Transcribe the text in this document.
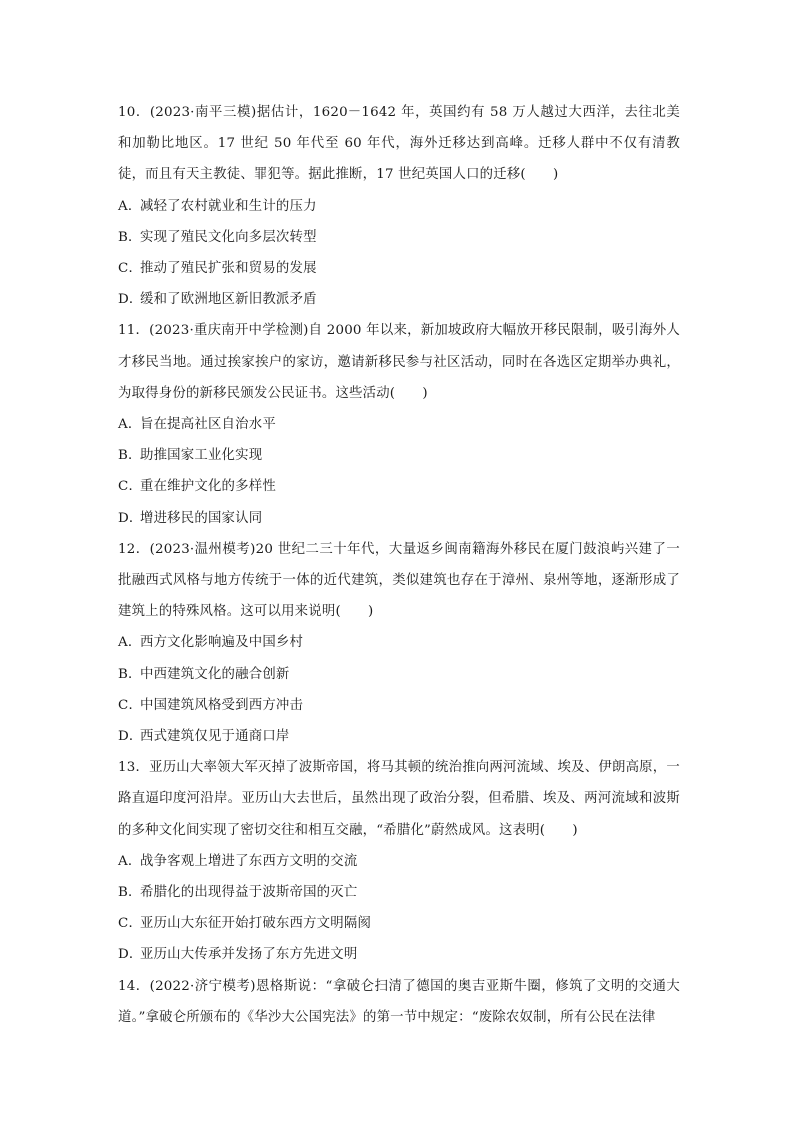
10．(2023·南平三模)据估计，1620－1642 年，英国约有 58 万人越过大西洋，去往北美和加勒比地区。17 世纪 50 年代至 60 年代，海外迁移达到高峰。迁移人群中不仅有清教徒，而且有天主教徒、罪犯等。据此推断，17 世纪英国人口的迁移(　　)

A．减轻了农村就业和生计的压力

B．实现了殖民文化向多层次转型

C．推动了殖民扩张和贸易的发展

D．缓和了欧洲地区新旧教派矛盾

11．(2023·重庆南开中学检测)自 2000 年以来，新加坡政府大幅放开移民限制，吸引海外人才移民当地。通过挨家挨户的家访，邀请新移民参与社区活动，同时在各选区定期举办典礼，为取得身份的新移民颁发公民证书。这些活动(　　)

A．旨在提高社区自治水平

B．助推国家工业化实现

C．重在维护文化的多样性

D．增进移民的国家认同

12．(2023·温州模考)20 世纪二三十年代，大量返乡闽南籍海外移民在厦门鼓浪屿兴建了一批融西式风格与地方传统于一体的近代建筑，类似建筑也存在于漳州、泉州等地，逐渐形成了建筑上的特殊风格。这可以用来说明(　　)

A．西方文化影响遍及中国乡村

B．中西建筑文化的融合创新

C．中国建筑风格受到西方冲击

D．西式建筑仅见于通商口岸

13．亚历山大率领大军灭掉了波斯帝国，将马其顿的统治推向两河流域、埃及、伊朗高原，一路直逼印度河沿岸。亚历山大去世后，虽然出现了政治分裂，但希腊、埃及、两河流域和波斯的多种文化间实现了密切交往和相互交融，“希腊化”蔚然成风。这表明(　　)

A．战争客观上增进了东西方文明的交流

B．希腊化的出现得益于波斯帝国的灭亡

C．亚历山大东征开始打破东西方文明隔阂

D．亚历山大传承并发扬了东方先进文明

14．(2022·济宁模考)恩格斯说：“拿破仑扫清了德国的奥吉亚斯牛圈，修筑了文明的交通大道。”拿破仑所颁布的《华沙大公国宪法》的第一节中规定：“废除农奴制，所有公民在法律
